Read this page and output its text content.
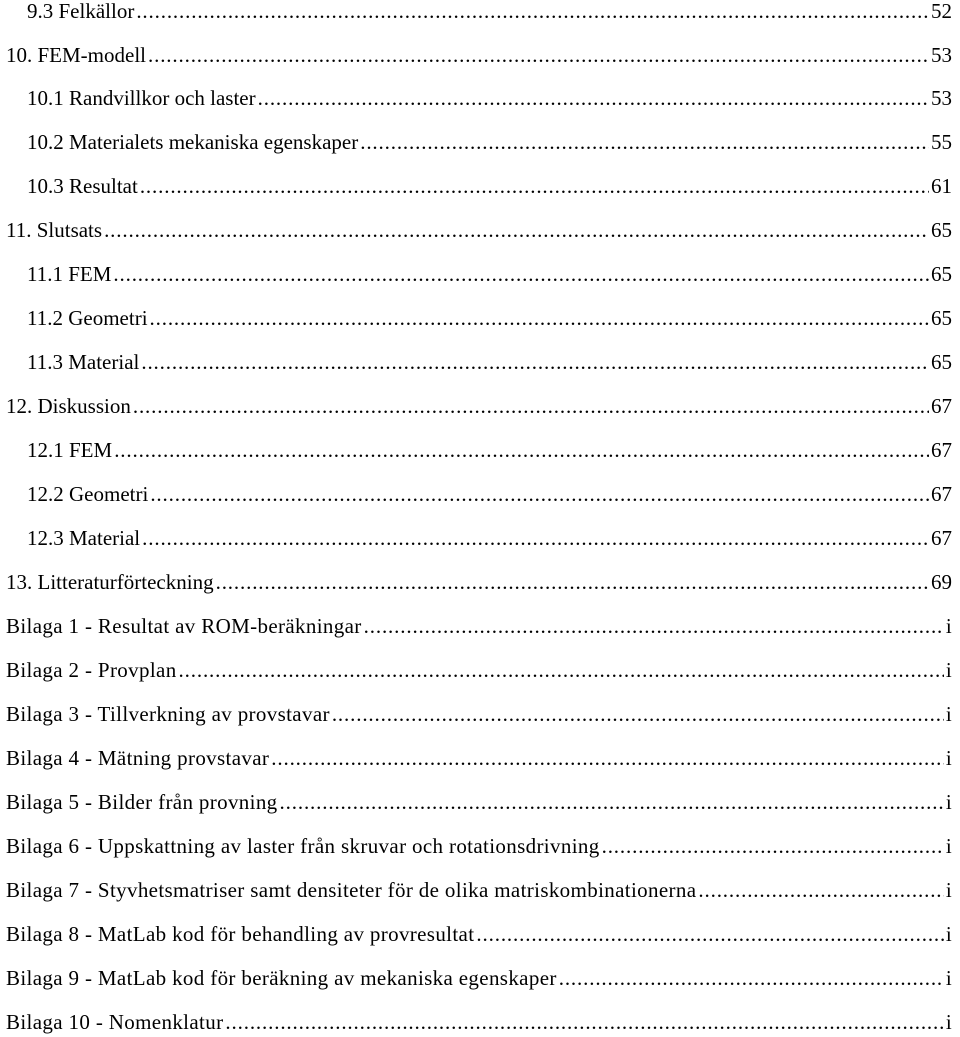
9.3 Felkällor . . .	52
10. FEM-modell . . .	53
10.1 Randvillkor och laster . . .	53
10.2 Materialets mekaniska egenskaper . . .	55
10.3 Resultat . . .	61
11. Slutsats . . .	65
11.1 FEM . . .	65
11.2 Geometri . . .	65
11.3 Material . . .	65
12. Diskussion . . .	67
12.1 FEM . . .	67
12.2 Geometri . . .	67
12.3 Material . . .	67
13. Litteraturförteckning . . .	69
Bilaga 1 - Resultat av ROM-beräkningar . . .	i
Bilaga 2 - Provplan . . .	i
Bilaga 3 - Tillverkning av provstavar . . .	i
Bilaga 4 - Mätning provstavar . . .	i
Bilaga 5 - Bilder från provning . . .	i
Bilaga 6 - Uppskattning av laster från skruvar och rotationsdrivning . . .	i
Bilaga 7 - Styvhetsmatriser samt densiteter för de olika matriskombinationerna . . .	i
Bilaga 8 - MatLab kod för behandling av provresultat . . .	i
Bilaga 9 - MatLab kod för beräkning av mekaniska egenskaper . . .	i
Bilaga 10 - Nomenklatur . . .	i
